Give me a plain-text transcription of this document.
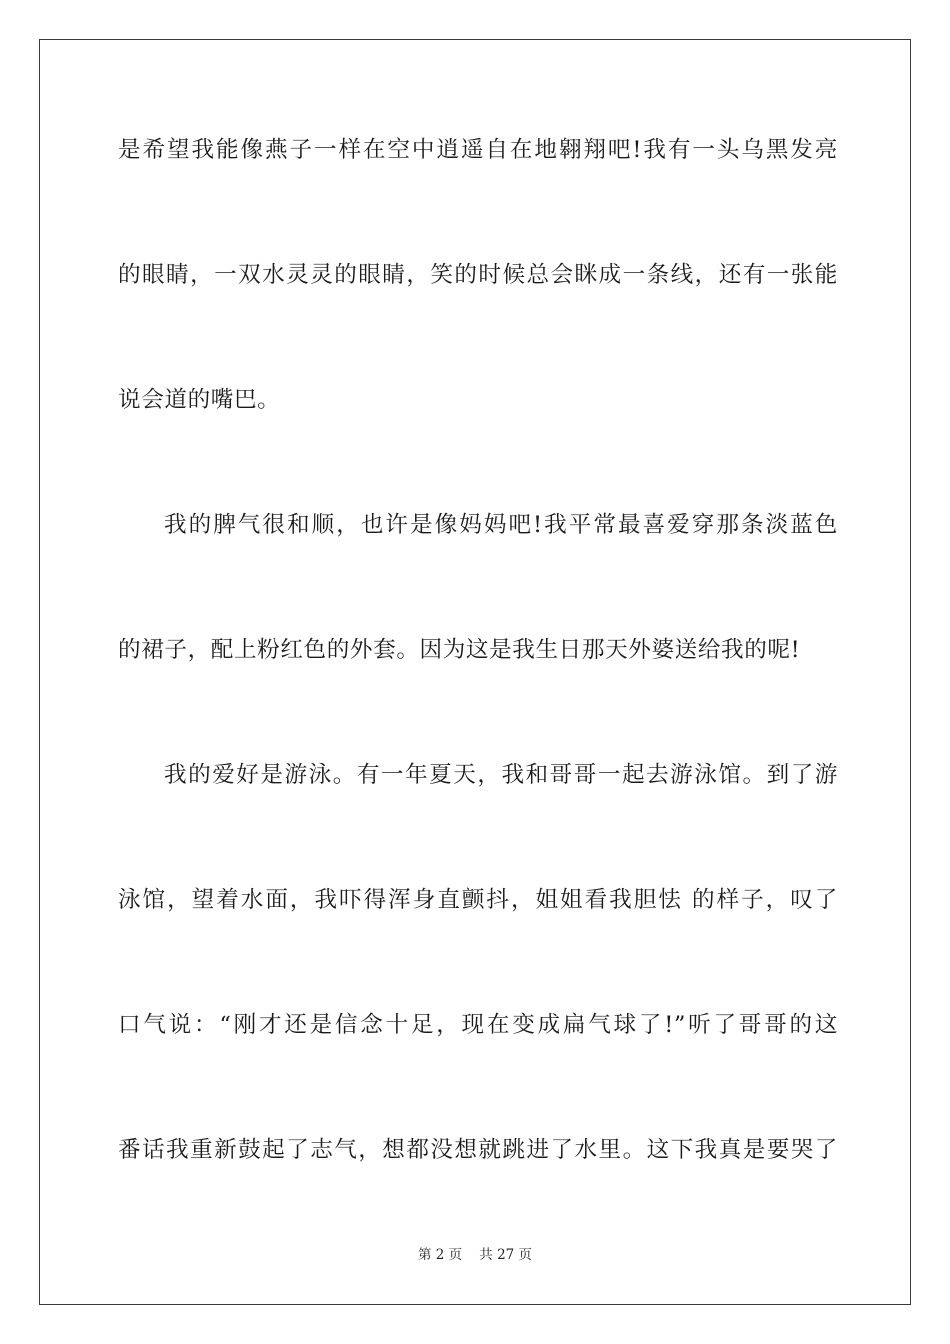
是希望我能像燕子一样在空中逍遥自在地翱翔吧!我有一头乌黑发亮
的眼睛，一双水灵灵的眼睛，笑的时候总会眯成一条线，还有一张能
说会道的嘴巴。
我的脾气很和顺，也许是像妈妈吧!我平常最喜爱穿那条淡蓝色
的裙子，配上粉红色的外套。因为这是我生日那天外婆送给我的呢!
我的爱好是游泳。有一年夏天，我和哥哥一起去游泳馆。到了游
泳馆，望着水面，我吓得浑身直颤抖，姐姐看我胆怯 的样子，叹了
口气说：“刚才还是信念十足，现在变成扁气球了!”听了哥哥的这
番话我重新鼓起了志气，想都没想就跳进了水里。这下我真是要哭了
第 2 页 共 27 页
